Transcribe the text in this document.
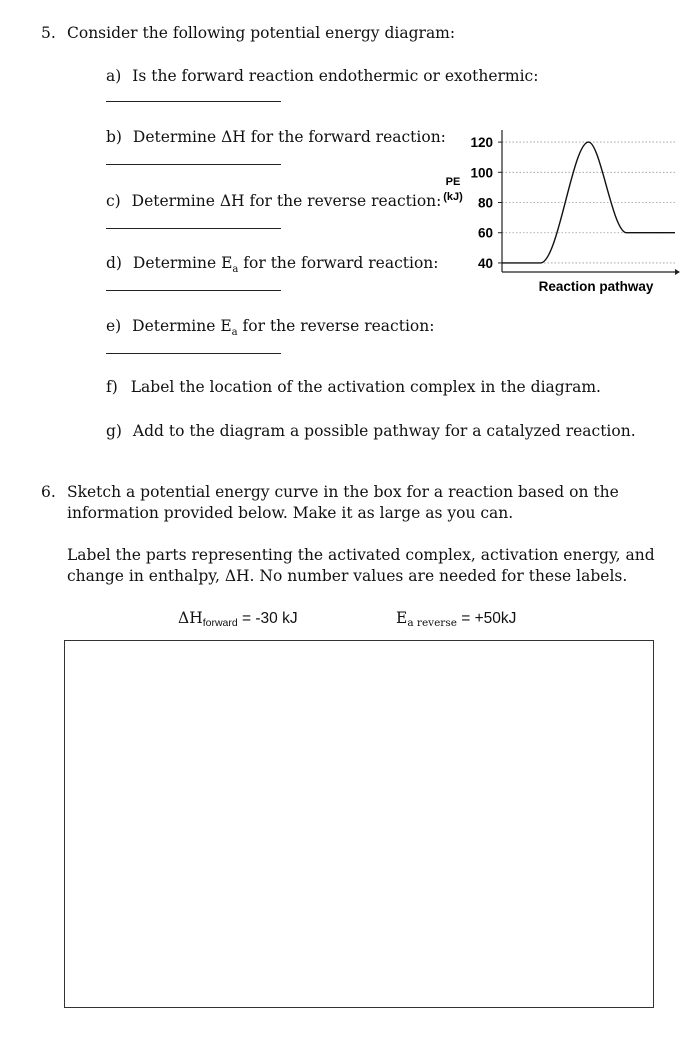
5. Consider the following potential energy diagram:
a) Is the forward reaction endothermic or exothermic:
b) Determine ΔH for the forward reaction:
c) Determine ΔH for the reverse reaction:
d) Determine $E_a$ for the forward reaction:
e) Determine $E_a$ for the reverse reaction:
f) Label the location of the activation complex in the diagram.
g) Add to the diagram a possible pathway for a catalyzed reaction.
120
100
80
60
40
PE
(kJ)
Reaction pathway
6. Sketch a potential energy curve in the box for a reaction based on the
information provided below. Make it as large as you can.
Label the parts representing the activated complex, activation energy, and
change in enthalpy, ΔH. No number values are needed for these labels.
ΔHforward = -30 kJ	Ea reverse = +50kJ
